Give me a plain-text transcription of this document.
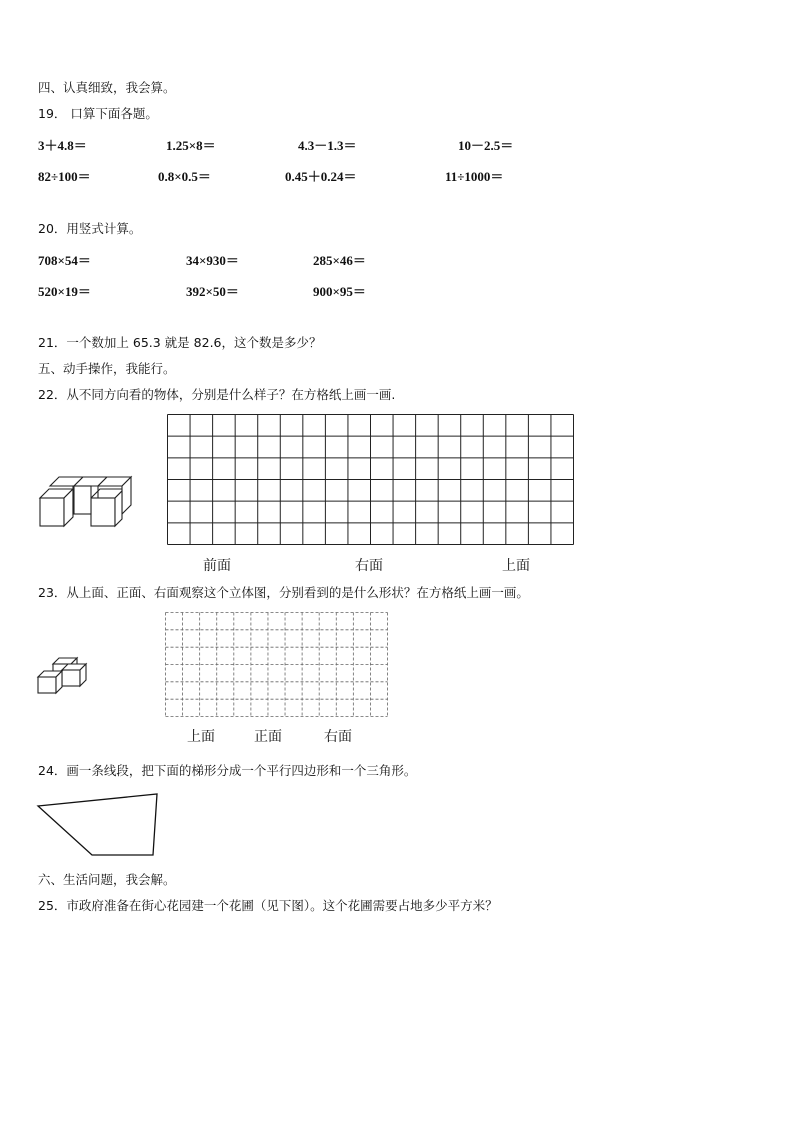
四、认真细致，我会算。
19． 口算下面各题。
3＋4.8＝	1.25×8＝	4.3－1.3＝	10－2.5＝
82÷100＝	0.8×0.5＝	0.45＋0.24＝	11÷1000＝
20．用竖式计算。
708×54＝	34×930＝	285×46＝
520×19＝	392×50＝	900×95＝
21．一个数加上 65.3 就是 82.6，这个数是多少？
五、动手操作，我能行。
22．从不同方向看的物体，分别是什么样子？在方格纸上画一画.
前面	右面	上面
23．从上面、正面、右面观察这个立体图，分别看到的是什么形状？在方格纸上画一画。
上面	正面	右面
24．画一条线段，把下面的梯形分成一个平行四边形和一个三角形。
六、生活问题，我会解。
25．市政府准备在街心花园建一个花圃（见下图）。这个花圃需要占地多少平方米？
